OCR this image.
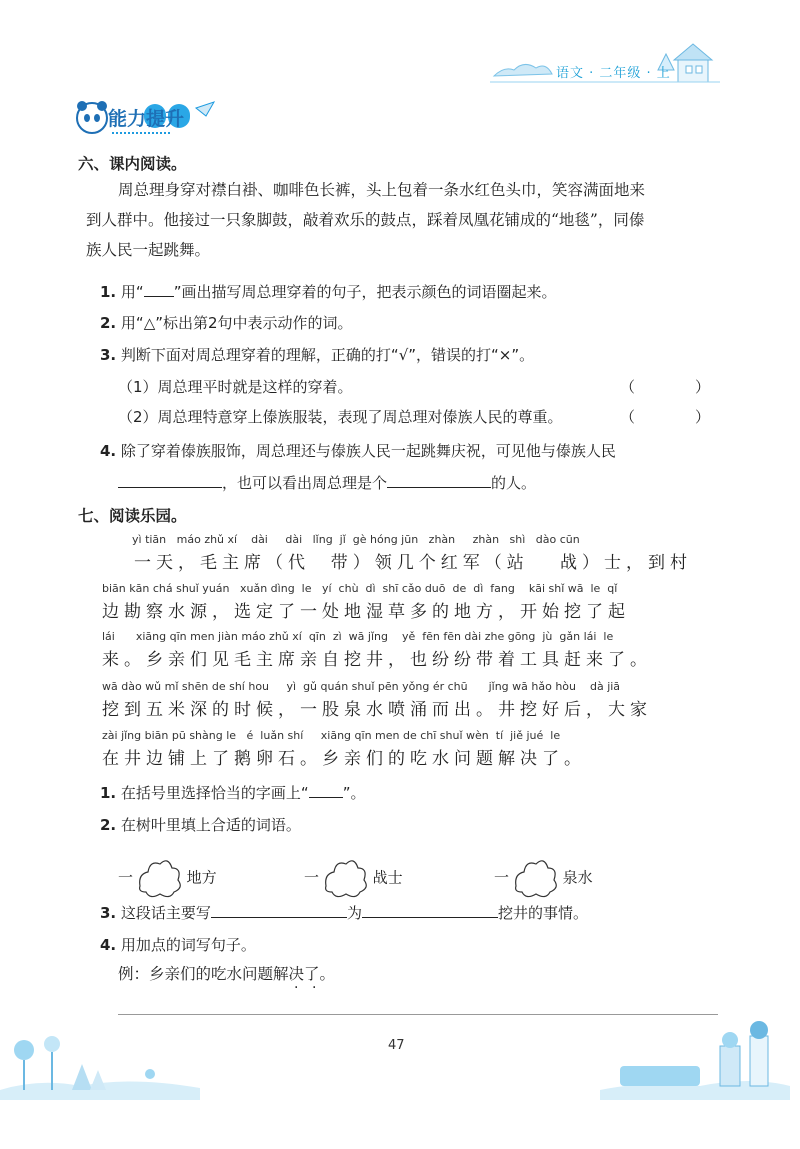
语文 · 二年级 · 上
能力提升
六、课内阅读。
周总理身穿对襟白褂、咖啡色长裤，头上包着一条水红色头巾，笑容满面地来
到人群中。他接过一只象脚鼓，敲着欢乐的鼓点，踩着凤凰花铺成的“地毯”，同傣
族人民一起跳舞。
1. 用“ ”画出描写周总理穿着的句子，把表示颜色的词语圈起来。
2. 用“△”标出第2句中表示动作的词。
3. 判断下面对周总理穿着的理解，正确的打“√”，错误的打“×”。
（1）周总理平时就是这样的穿着。	（	）
（2）周总理特意穿上傣族服装，表现了周总理对傣族人民的尊重。	（	）
4. 除了穿着傣族服饰，周总理还与傣族人民一起跳舞庆祝，可见他与傣族人民
，也可以看出周总理是个	的人。
七、阅读乐园。
yì tiān   máo zhǔ xí    dài     dài   lǐng  jǐ  gè hóng jūn   zhàn     zhàn   shì   dào cūn
一天，毛主席（代  带）领几个红军（站   战）士，到村
biān kān chá shuǐ yuán   xuǎn dìng  le   yí  chù  dì  shī cǎo duō  de  dì  fang    kāi shǐ wā  le  qǐ
边勘察水源，选定了一处地湿草多的地方，开始挖了起
lái      xiāng qīn men jiàn máo zhǔ xí  qīn  zì  wā jǐng    yě  fēn fēn dài zhe gōng  jù  gǎn lái  le
来。乡亲们见毛主席亲自挖井，也纷纷带着工具赶来了。
wā dào wǔ mǐ shēn de shí hou     yì  gǔ quán shuǐ pēn yǒng ér chū      jǐng wā hǎo hòu    dà jiā
挖到五米深的时候，一股泉水喷涌而出。井挖好后，大家
zài jǐng biān pū shàng le   é  luǎn shí     xiāng qīn men de chī shuǐ wèn  tí  jiě jué  le
在井边铺上了鹅卵石。乡亲们的吃水问题解决了。
1. 在括号里选择恰当的字画上“ ”。
2. 在树叶里填上合适的词语。
一	地方	一	战士	一	泉水
3. 这段话主要写	为	挖井的事情。
4. 用加点的词写句子。
例：乡亲们的吃水问题解决了。
· ·
47
